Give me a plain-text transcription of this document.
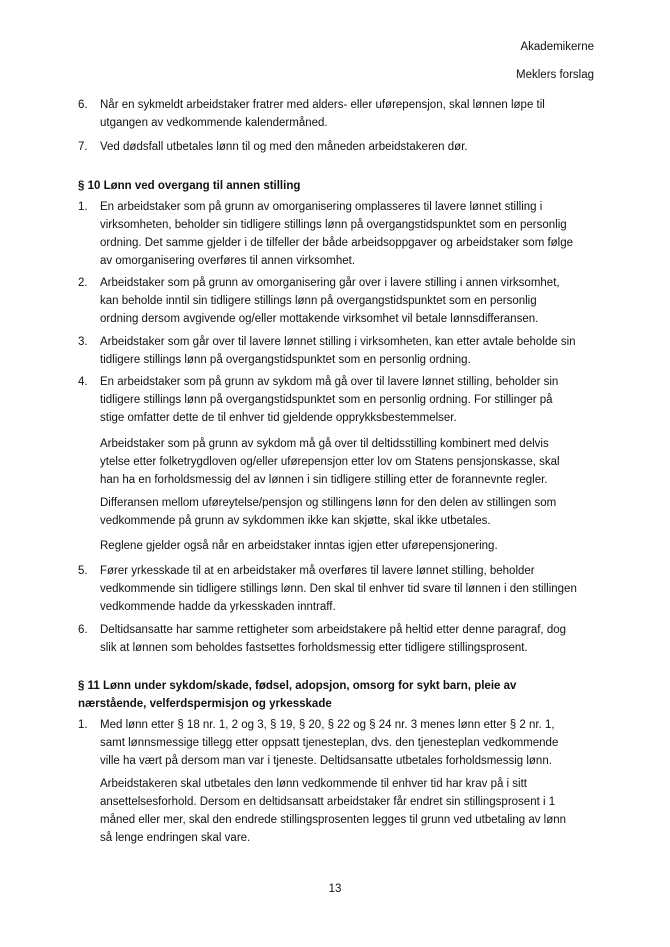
Akademikerne
Meklers forslag
6. Når en sykmeldt arbeidstaker fratrer med alders- eller uførepensjon, skal lønnen løpe til utgangen av vedkommende kalendermåned.
7. Ved dødsfall utbetales lønn til og med den måneden arbeidstakeren dør.
§ 10 Lønn ved overgang til annen stilling
1. En arbeidstaker som på grunn av omorganisering omplasseres til lavere lønnet stilling i virksomheten, beholder sin tidligere stillings lønn på overgangstidspunktet som en personlig ordning. Det samme gjelder i de tilfeller der både arbeidsoppgaver og arbeidstaker som følge av omorganisering overføres til annen virksomhet.
2. Arbeidstaker som på grunn av omorganisering går over i lavere stilling i annen virksomhet, kan beholde inntil sin tidligere stillings lønn på overgangstidspunktet som en personlig ordning dersom avgivende og/eller mottakende virksomhet vil betale lønnsdifferansen.
3. Arbeidstaker som går over til lavere lønnet stilling i virksomheten, kan etter avtale beholde sin tidligere stillings lønn på overgangstidspunktet som en personlig ordning.
4. En arbeidstaker som på grunn av sykdom må gå over til lavere lønnet stilling, beholder sin tidligere stillings lønn på overgangstidspunktet som en personlig ordning. For stillinger på stige omfatter dette de til enhver tid gjeldende opprykksbestemmelser.
Arbeidstaker som på grunn av sykdom må gå over til deltidsstilling kombinert med delvis ytelse etter folketrygdloven og/eller uførepensjon etter lov om Statens pensjonskasse, skal han ha en forholdsmessig del av lønnen i sin tidligere stilling etter de forannevnte regler.
Differansen mellom uføreytelse/pensjon og stillingens lønn for den delen av stillingen som vedkommende på grunn av sykdommen ikke kan skjøtte, skal ikke utbetales.
Reglene gjelder også når en arbeidstaker inntas igjen etter uførepensjonering.
5. Fører yrkesskade til at en arbeidstaker må overføres til lavere lønnet stilling, beholder vedkommende sin tidligere stillings lønn. Den skal til enhver tid svare til lønnen i den stillingen vedkommende hadde da yrkesskaden inntraff.
6. Deltidsansatte har samme rettigheter som arbeidstakere på heltid etter denne paragraf, dog slik at lønnen som beholdes fastsettes forholdsmessig etter tidligere stillingsprosent.
§ 11 Lønn under sykdom/skade, fødsel, adopsjon, omsorg for sykt barn, pleie av nærstående, velferdspermisjon og yrkesskade
1. Med lønn etter § 18 nr. 1, 2 og 3, § 19, § 20, § 22 og § 24 nr. 3 menes lønn etter § 2 nr. 1, samt lønnsmessige tillegg etter oppsatt tjenesteplan, dvs. den tjenesteplan vedkommende ville ha vært på dersom man var i tjeneste. Deltidsansatte utbetales forholdsmessig lønn.
Arbeidstakeren skal utbetales den lønn vedkommende til enhver tid har krav på i sitt ansettelsesforhold. Dersom en deltidsansatt arbeidstaker får endret sin stillingsprosent i 1 måned eller mer, skal den endrede stillingsprosenten legges til grunn ved utbetaling av lønn så lenge endringen skal vare.
13
